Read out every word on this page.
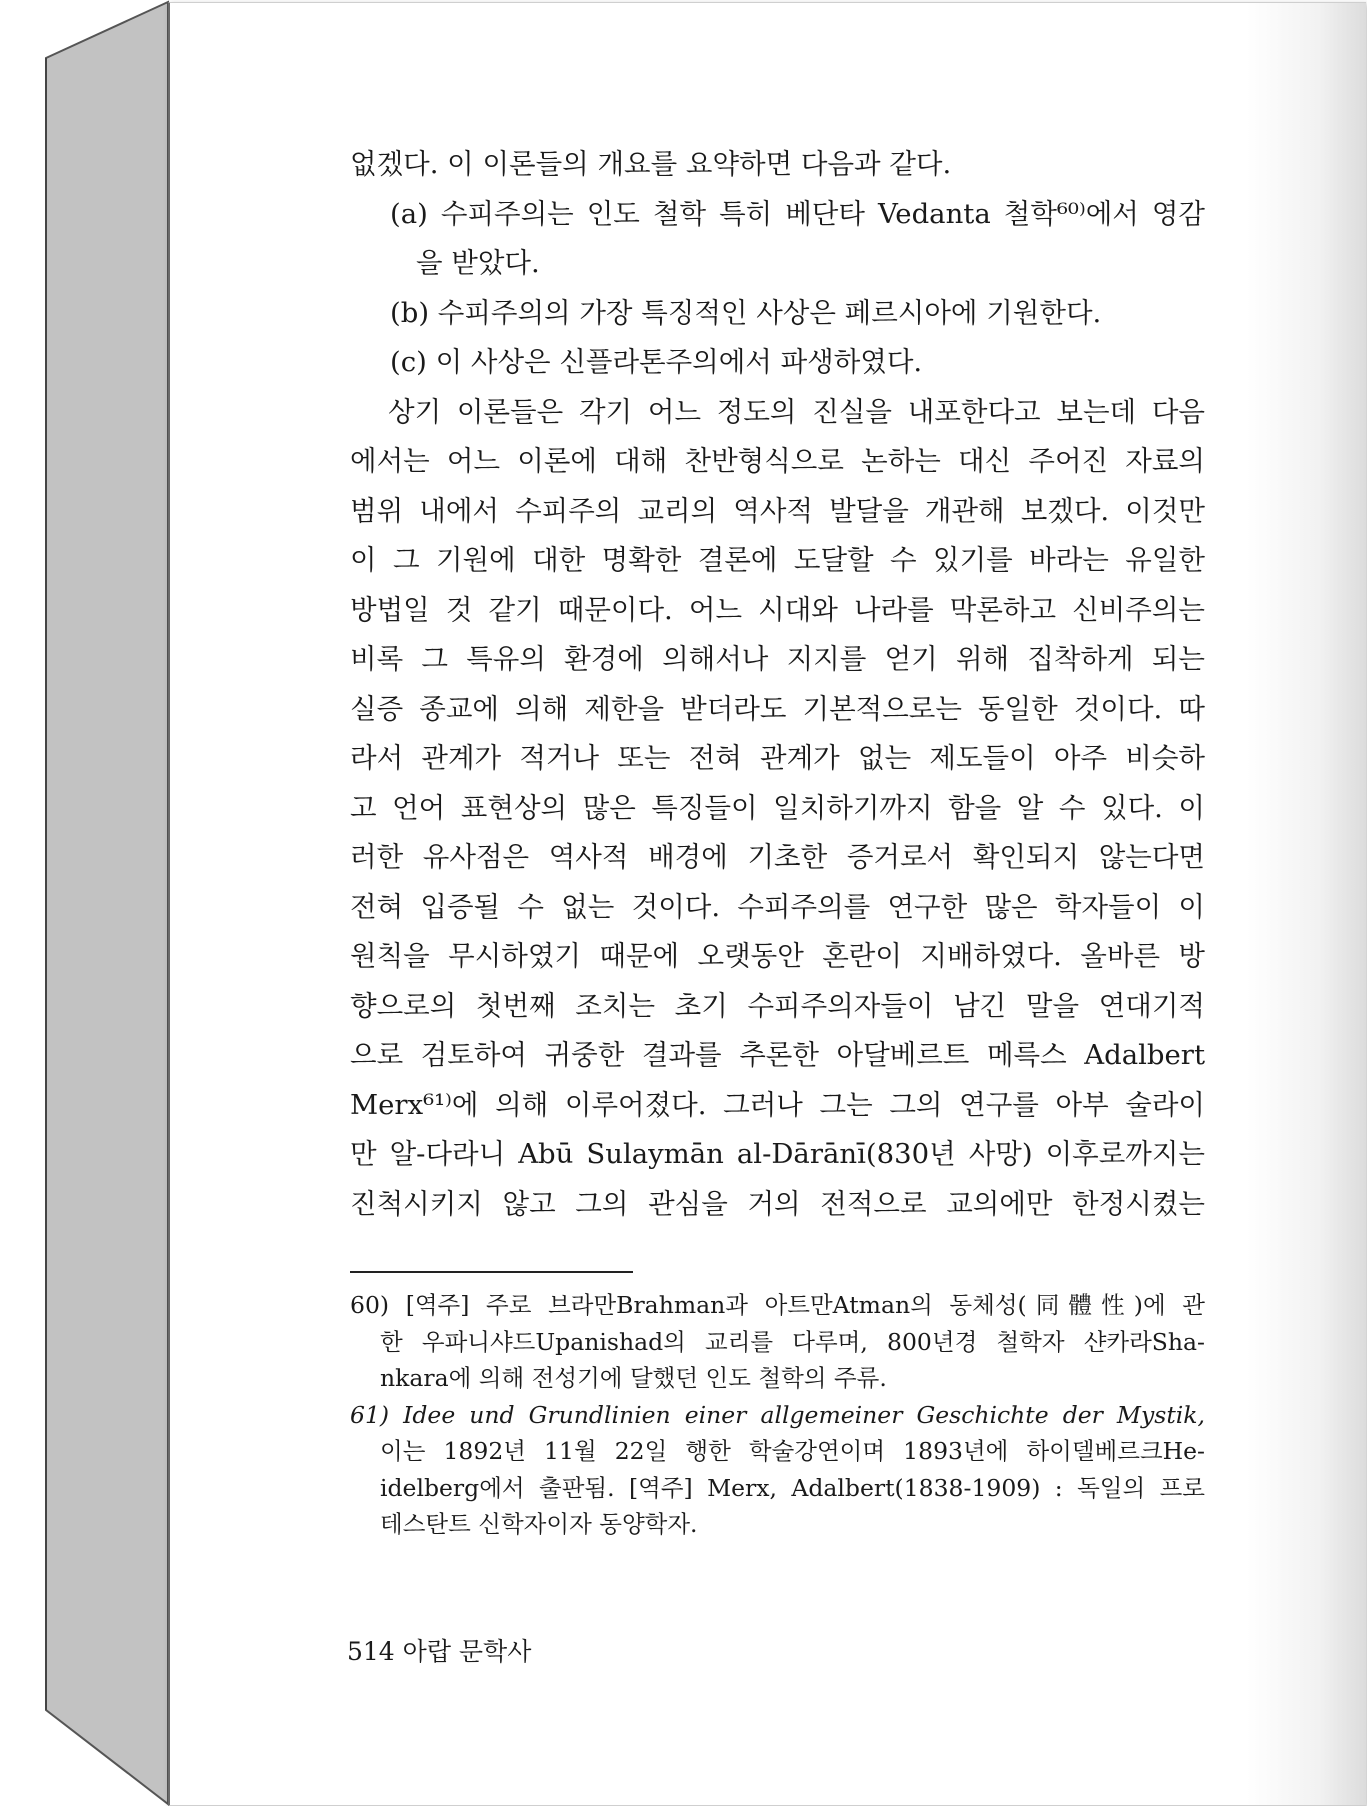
없겠다. 이 이론들의 개요를 요약하면 다음과 같다.
(a) 수피주의는 인도 철학 특히 베단타 Vedanta 철학⁶⁰⁾에서 영감
을 받았다.
(b) 수피주의의 가장 특징적인 사상은 페르시아에 기원한다.
(c) 이 사상은 신플라톤주의에서 파생하였다.
상기 이론들은 각기 어느 정도의 진실을 내포한다고 보는데 다음
에서는 어느 이론에 대해 찬반형식으로 논하는 대신 주어진 자료의
범위 내에서 수피주의 교리의 역사적 발달을 개관해 보겠다. 이것만
이 그 기원에 대한 명확한 결론에 도달할 수 있기를 바라는 유일한
방법일 것 같기 때문이다. 어느 시대와 나라를 막론하고 신비주의는
비록 그 특유의 환경에 의해서나 지지를 얻기 위해 집착하게 되는
실증 종교에 의해 제한을 받더라도 기본적으로는 동일한 것이다. 따
라서 관계가 적거나 또는 전혀 관계가 없는 제도들이 아주 비슷하
고 언어 표현상의 많은 특징들이 일치하기까지 함을 알 수 있다. 이
러한 유사점은 역사적 배경에 기초한 증거로서 확인되지 않는다면
전혀 입증될 수 없는 것이다. 수피주의를 연구한 많은 학자들이 이
원칙을 무시하였기 때문에 오랫동안 혼란이 지배하였다. 올바른 방
향으로의 첫번째 조치는 초기 수피주의자들이 남긴 말을 연대기적
으로 검토하여 귀중한 결과를 추론한 아달베르트 메륵스 Adalbert
Merx⁶¹⁾에 의해 이루어졌다. 그러나 그는 그의 연구를 아부 술라이
만 알-다라니 Abū Sulaymān al-Dārānī(830년 사망) 이후로까지는
진척시키지 않고 그의 관심을 거의 전적으로 교의에만 한정시켰는
60) [역주] 주로 브라만Brahman과 아트만Atman의 동체성(同體性)에 관
한 우파니샤드Upanishad의 교리를 다루며, 800년경 철학자 샨카라Sha-
nkara에 의해 전성기에 달했던 인도 철학의 주류.
61) Idee und Grundlinien einer allgemeiner Geschichte der Mystik,
이는 1892년 11월 22일 행한 학술강연이며 1893년에 하이델베르크He-
idelberg에서 출판됨. [역주] Merx, Adalbert(1838-1909) : 독일의 프로
테스탄트 신학자이자 동양학자.
514 아랍 문학사
